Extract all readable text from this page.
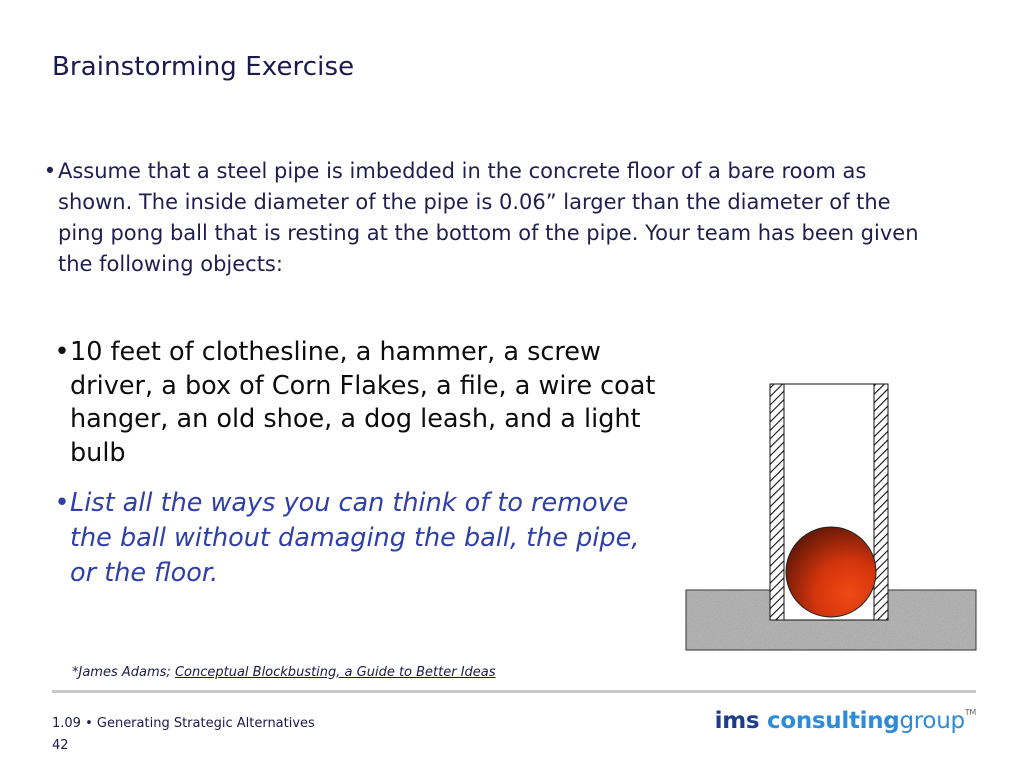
Brainstorming Exercise
• Assume that a steel pipe is imbedded in the concrete floor of a bare room as shown. The inside diameter of the pipe is 0.06” larger than the diameter of the ping pong ball that is resting at the bottom of the pipe. Your team has been given the following objects:
• 10 feet of clothesline, a hammer, a screw driver, a box of Corn Flakes, a file, a wire coat hanger, an old shoe, a dog leash, and a light bulb
• List all the ways you can think of to remove the ball without damaging the ball, the pipe, or the floor.
*James Adams; Conceptual Blockbusting, a Guide to Better Ideas
1.09 • Generating Strategic Alternatives
42
ims consultinggroup™
